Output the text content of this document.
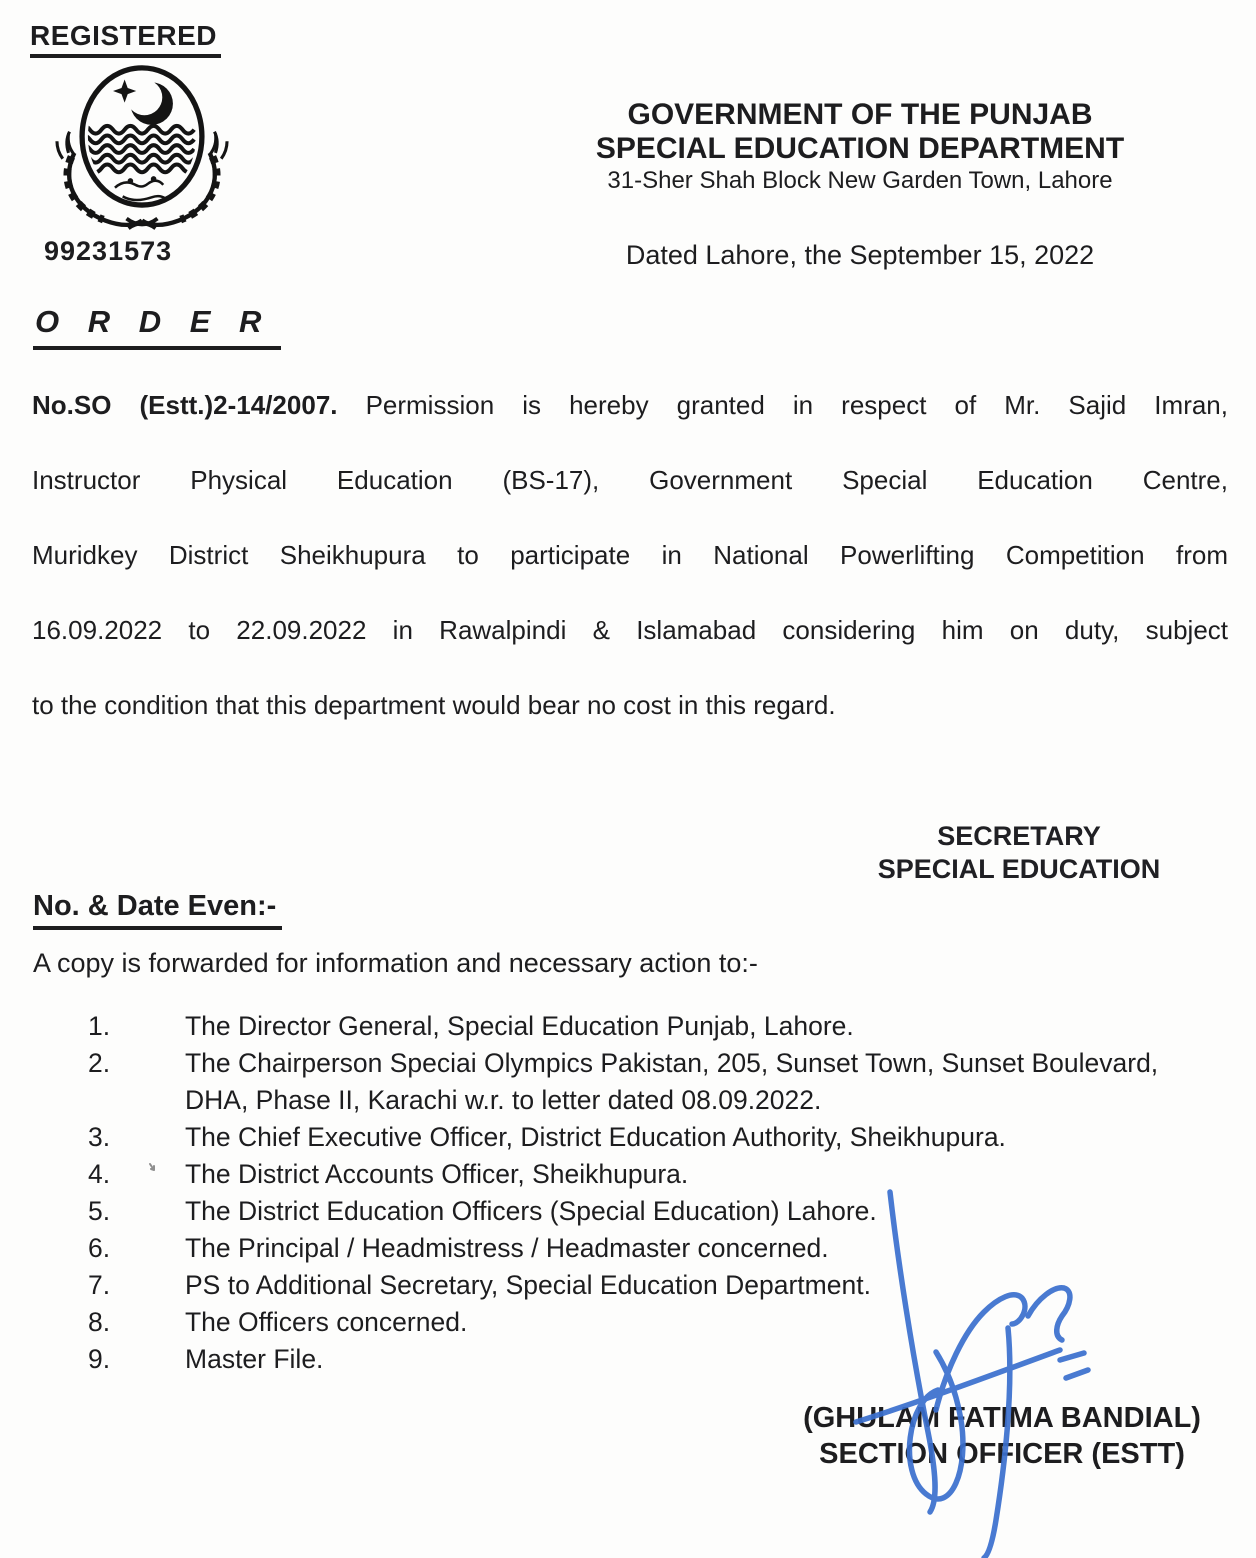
REGISTERED
99231573
GOVERNMENT OF THE PUNJAB
SPECIAL EDUCATION DEPARTMENT
31-Sher Shah Block New Garden Town, Lahore
Dated Lahore, the September 15, 2022
O R D E R
No.SO (Estt.)2-14/2007. Permission is hereby granted in respect of Mr. Sajid Imran,
Instructor Physical Education (BS-17), Government Special Education Centre,
Muridkey District Sheikhupura to participate in National Powerlifting Competition from
16.09.2022 to 22.09.2022 in Rawalpindi & Islamabad considering him on duty, subject
to the condition that this department would bear no cost in this regard.
SECRETARY
SPECIAL EDUCATION
No. & Date Even:-
A copy is forwarded for information and necessary action to:-
1.	The Director General, Special Education Punjab, Lahore.
2.	The Chairperson Speciai Olympics Pakistan, 205, Sunset Town, Sunset Boulevard, DHA, Phase II, Karachi w.r. to letter dated 08.09.2022.
3.	The Chief Executive Officer, District Education Authority, Sheikhupura.
4.	The District Accounts Officer, Sheikhupura.
5.	The District Education Officers (Special Education) Lahore.
6.	The Principal / Headmistress / Headmaster concerned.
7.	PS to Additional Secretary, Special Education Department.
8.	The Officers concerned.
9.	Master File.
(GHULAM FATIMA BANDIAL)
SECTION OFFICER (ESTT)
